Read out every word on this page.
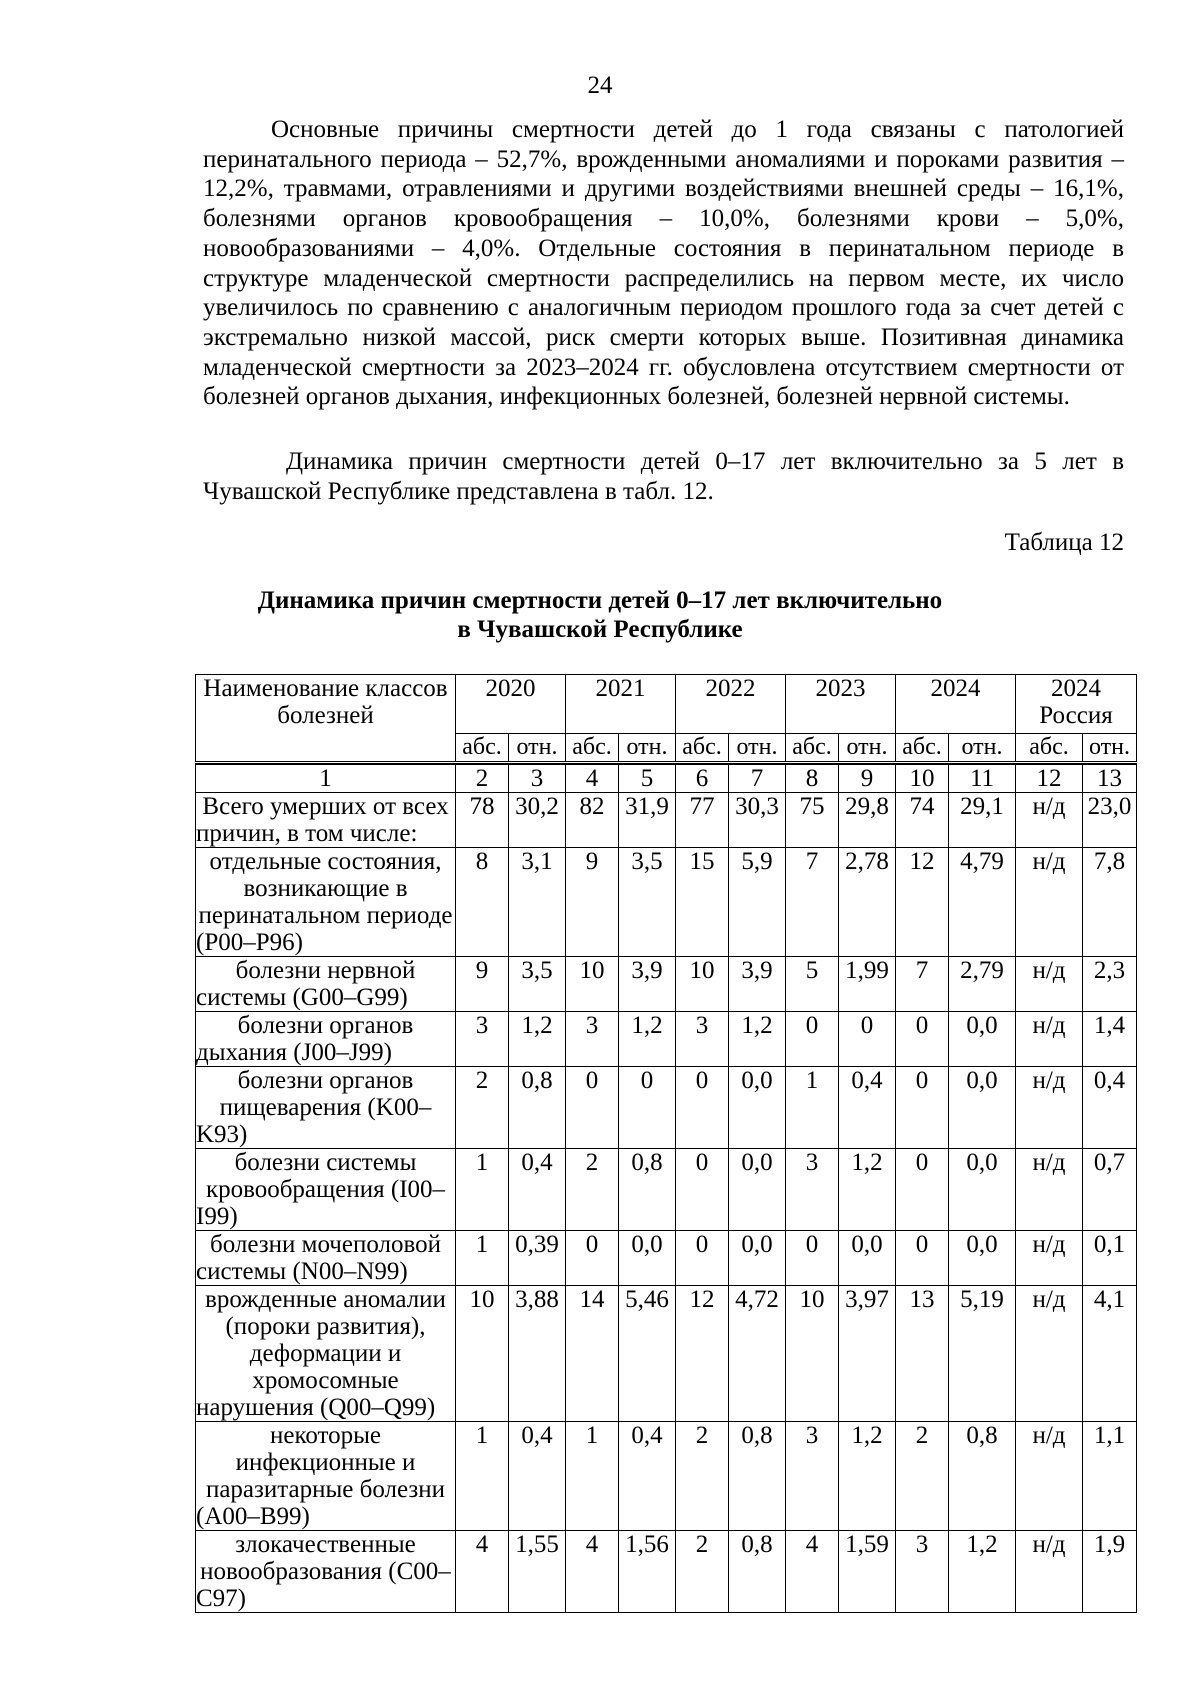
24

Основные причины смертности детей до 1 года связаны с патологией перинатального периода – 52,7%, врожденными аномалиями и пороками развития – 12,2%, травмами, отравлениями и другими воздействиями внешней среды – 16,1%, болезнями органов кровообращения – 10,0%, болезнями крови – 5,0%, новообразованиями – 4,0%. Отдельные состояния в перинатальном периоде в структуре младенческой смертности распределились на первом месте, их число увеличилось по сравнению с аналогичным периодом прошлого года за счет детей с экстремально низкой массой, риск смерти которых выше. Позитивная динамика младенческой смертности за 2023–2024 гг. обусловлена отсутствием смертности от болезней органов дыхания, инфекционных болезней, болезней нервной системы.

Динамика причин смертности детей 0–17 лет включительно за 5 лет в Чувашской Республике представлена в табл. 12.

Таблица 12
Динамика причин смертности детей 0–17 лет включительно
в Чувашской Республике
Наименование классов болезней	2020		2021		2022		2023		2024		2024
Россия	

	абс.	отн.	абс.	отн.	абс.	отн.	абс.	отн.	абс.	отн.	абс.	отн.

1	2	3	4	5	6	7	8	9	10	11	12	13
Всего умерших от всех причин, в том числе:	78	30,2	82	31,9	77	30,3	75	29,8	74	29,1	н/д	23,0
отдельные состояния, возникающие в перинатальном периоде (P00–P96)	8	3,1	9	3,5	15	5,9	7	2,78	12	4,79	н/д	7,8
болезни нервной системы (G00–G99)	9	3,5	10	3,9	10	3,9	5	1,99	7	2,79	н/д	2,3
болезни органов дыхания (J00–J99)	3	1,2	3	1,2	3	1,2	0	0	0	0,0	н/д	1,4
болезни органов пищеварения (K00–K93)	2	0,8	0	0	0	0,0	1	0,4	0	0,0	н/д	0,4
болезни системы кровообращения (I00–I99)	1	0,4	2	0,8	0	0,0	3	1,2	0	0,0	н/д	0,7
болезни мочеполовой системы (N00–N99)	1	0,39	0	0,0	0	0,0	0	0,0	0	0,0	н/д	0,1
врожденные аномалии (пороки развития), деформации и хромосомные нарушения (Q00–Q99)	10	3,88	14	5,46	12	4,72	10	3,97	13	5,19	н/д	4,1
некоторые инфекционные и паразитарные болезни (A00–B99)	1	0,4	1	0,4	2	0,8	3	1,2	2	0,8	н/д	1,1
злокачественные новообразования (C00–C97)	4	1,55	4	1,56	2	0,8	4	1,59	3	1,2	н/д	1,9
